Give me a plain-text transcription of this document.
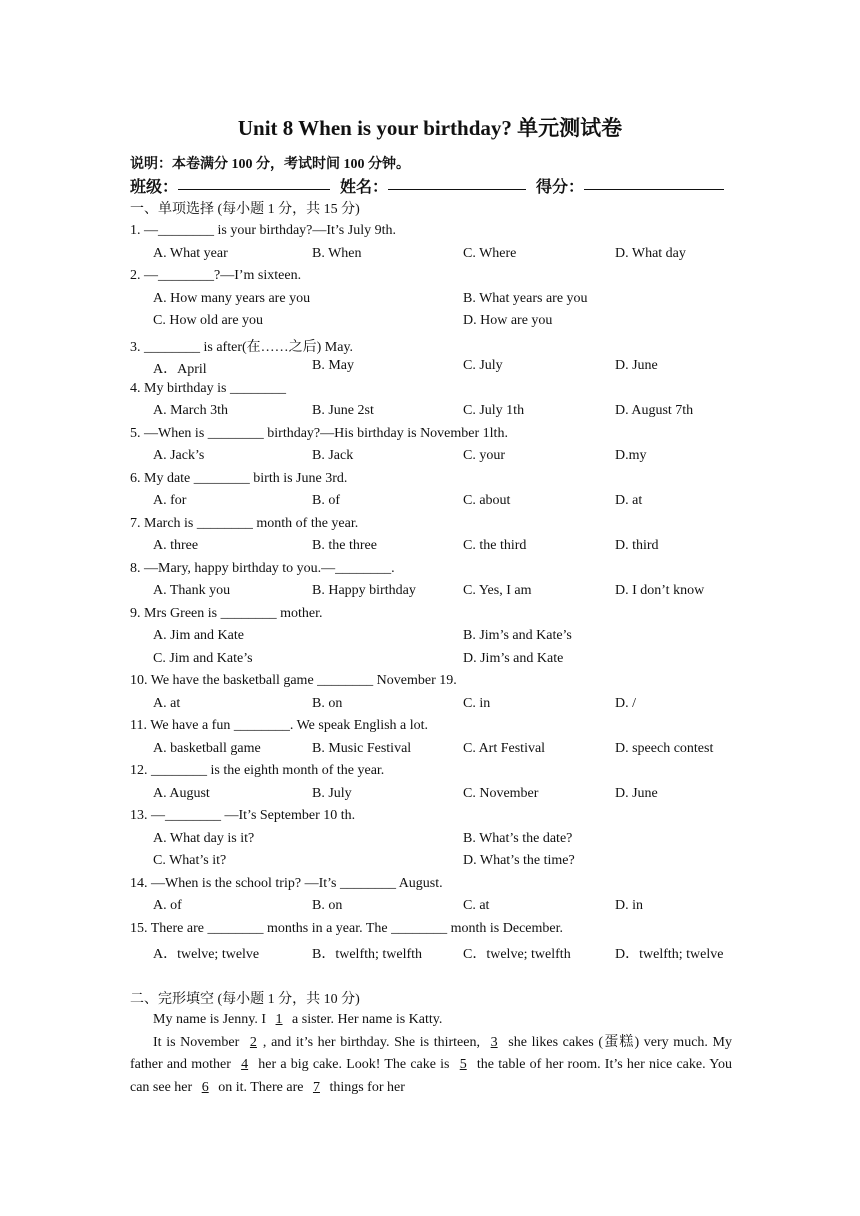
Unit 8 When is your birthday? 单元测试卷
说明：本卷满分 100 分，考试时间 100 分钟。
班级：	姓名：	得分：
一、单项选择 (每小题 1 分，共 15 分)
1. —________ is your birthday?—It’s July 9th.
A. What year	B. When	C. Where	D. What day
2. —________?—I’m sixteen.
A. How many years are you	B. What years are you
C. How old are you	D. How are you
3. ________ is after(在……之后) May.
A．April	B. May	C. July	D. June
4. My birthday is ________
A. March 3th	B. June 2st	C. July 1th	D. August 7th
5. —When is ________ birthday?—His birthday is November 1lth.
A. Jack’s	B. Jack	C. your	D.my
6. My date ________ birth is June 3rd.
A. for	B. of	C. about	D. at
7. March is ________ month of the year.
A. three	B. the three	C. the third	D. third
8. —Mary, happy birthday to you.—________.
A. Thank you	B. Happy birthday	C. Yes, I am	D. I don’t know
9. Mrs Green is ________ mother.
A. Jim and Kate	B. Jim’s and Kate’s
C. Jim and Kate’s	D. Jim’s and Kate
10. We have the basketball game ________ November 19.
A. at	B. on	C. in	D. /
11. We have a fun ________. We speak English a lot.
A. basketball game	B. Music Festival	C. Art Festival	D. speech contest
12. ________ is the eighth month of the year.
A. August	B. July	C. November	D. June
13. —________ —It’s September 10 th.
A. What day is it?	B. What’s the date?
C. What’s it?	D. What’s the time?
14. —When is the school trip? —It’s ________ August.
A. of	B. on	C. at	D. in
15. There are ________ months in a year. The ________ month is December.
A．twelve; twelve	B．twelfth; twelfth	C．twelve; twelfth	D．twelfth; twelve
二、完形填空 (每小题 1 分，共 10 分)

My name is Jenny. I 1 a sister. Her name is Katty.

It is November 2 , and it’s her birthday. She is thirteen, 3 she likes cakes (蛋糕) very much. My father and mother 4 her a big cake. Look! The cake is 5 the table of her room. It’s her nice cake. You can see her 6 on it. There are 7 things for her
